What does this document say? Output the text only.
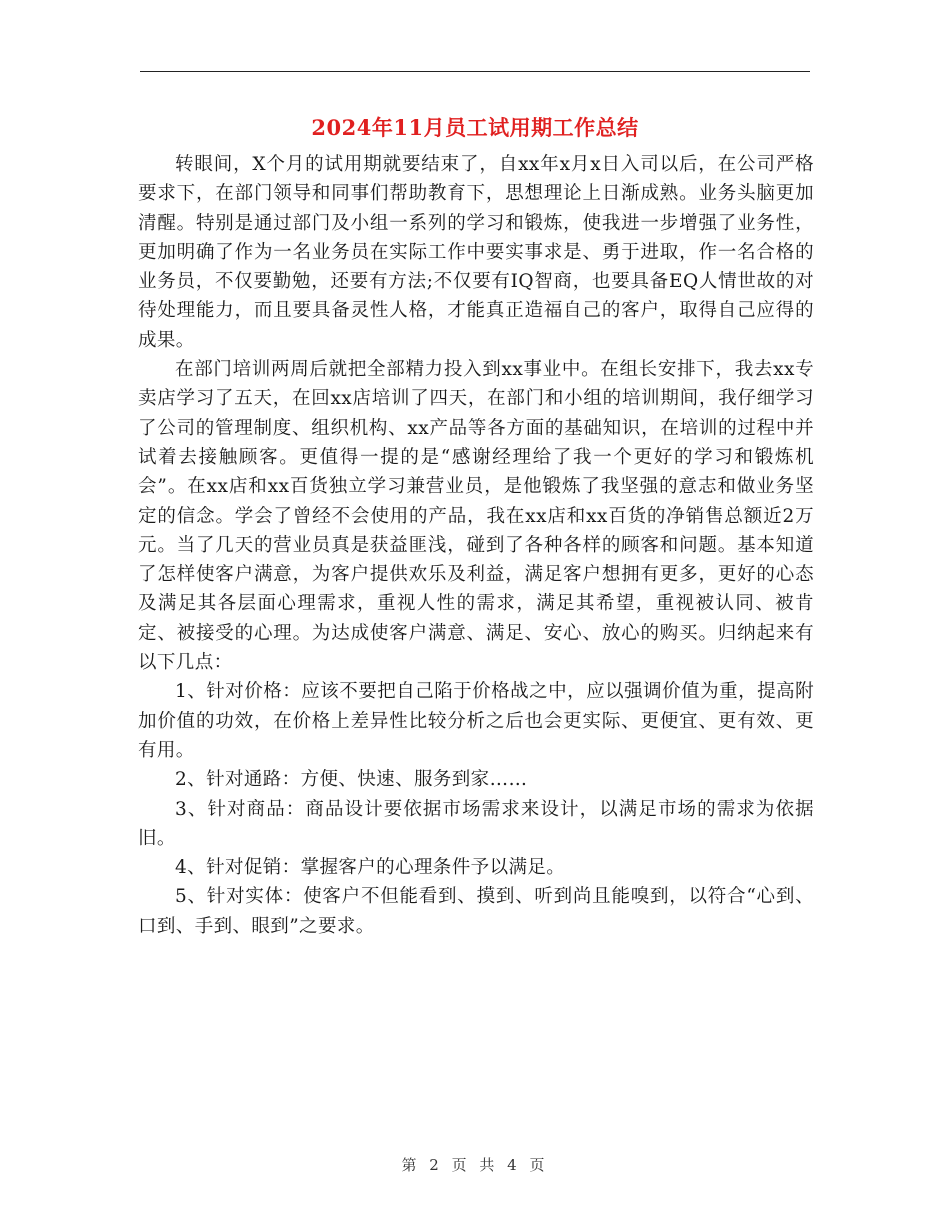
2024年11月员工试用期工作总结

转眼间，X个月的试用期就要结束了，自xx年x月x日入司以后，在公司严格要求下，在部门领导和同事们帮助教育下，思想理论上日渐成熟。业务头脑更加清醒。特别是通过部门及小组一系列的学习和锻炼，使我进一步增强了业务性，更加明确了作为一名业务员在实际工作中要实事求是、勇于进取，作一名合格的业务员，不仅要勤勉，还要有方法;不仅要有IQ智商，也要具备EQ人情世故的对待处理能力，而且要具备灵性人格，才能真正造福自己的客户，取得自己应得的成果。

在部门培训两周后就把全部精力投入到xx事业中。在组长安排下，我去xx专卖店学习了五天，在回xx店培训了四天，在部门和小组的培训期间，我仔细学习了公司的管理制度、组织机构、xx产品等各方面的基础知识，在培训的过程中并试着去接触顾客。更值得一提的是“感谢经理给了我一个更好的学习和锻炼机会”。在xx店和xx百货独立学习兼营业员，是他锻炼了我坚强的意志和做业务坚定的信念。学会了曾经不会使用的产品，我在xx店和xx百货的净销售总额近2万元。当了几天的营业员真是获益匪浅，碰到了各种各样的顾客和问题。基本知道了怎样使客户满意，为客户提供欢乐及利益，满足客户想拥有更多，更好的心态及满足其各层面心理需求，重视人性的需求，满足其希望，重视被认同、被肯定、被接受的心理。为达成使客户满意、满足、安心、放心的购买。归纳起来有以下几点：

1、针对价格：应该不要把自己陷于价格战之中，应以强调价值为重，提高附加价值的功效，在价格上差异性比较分析之后也会更实际、更便宜、更有效、更有用。

2、针对通路：方便、快速、服务到家……

3、针对商品：商品设计要依据市场需求来设计，以满足市场的需求为依据旧。

4、针对促销：掌握客户的心理条件予以满足。

5、针对实体：使客户不但能看到、摸到、听到尚且能嗅到，以符合“心到、口到、手到、眼到”之要求。

第 2 页 共 4 页
